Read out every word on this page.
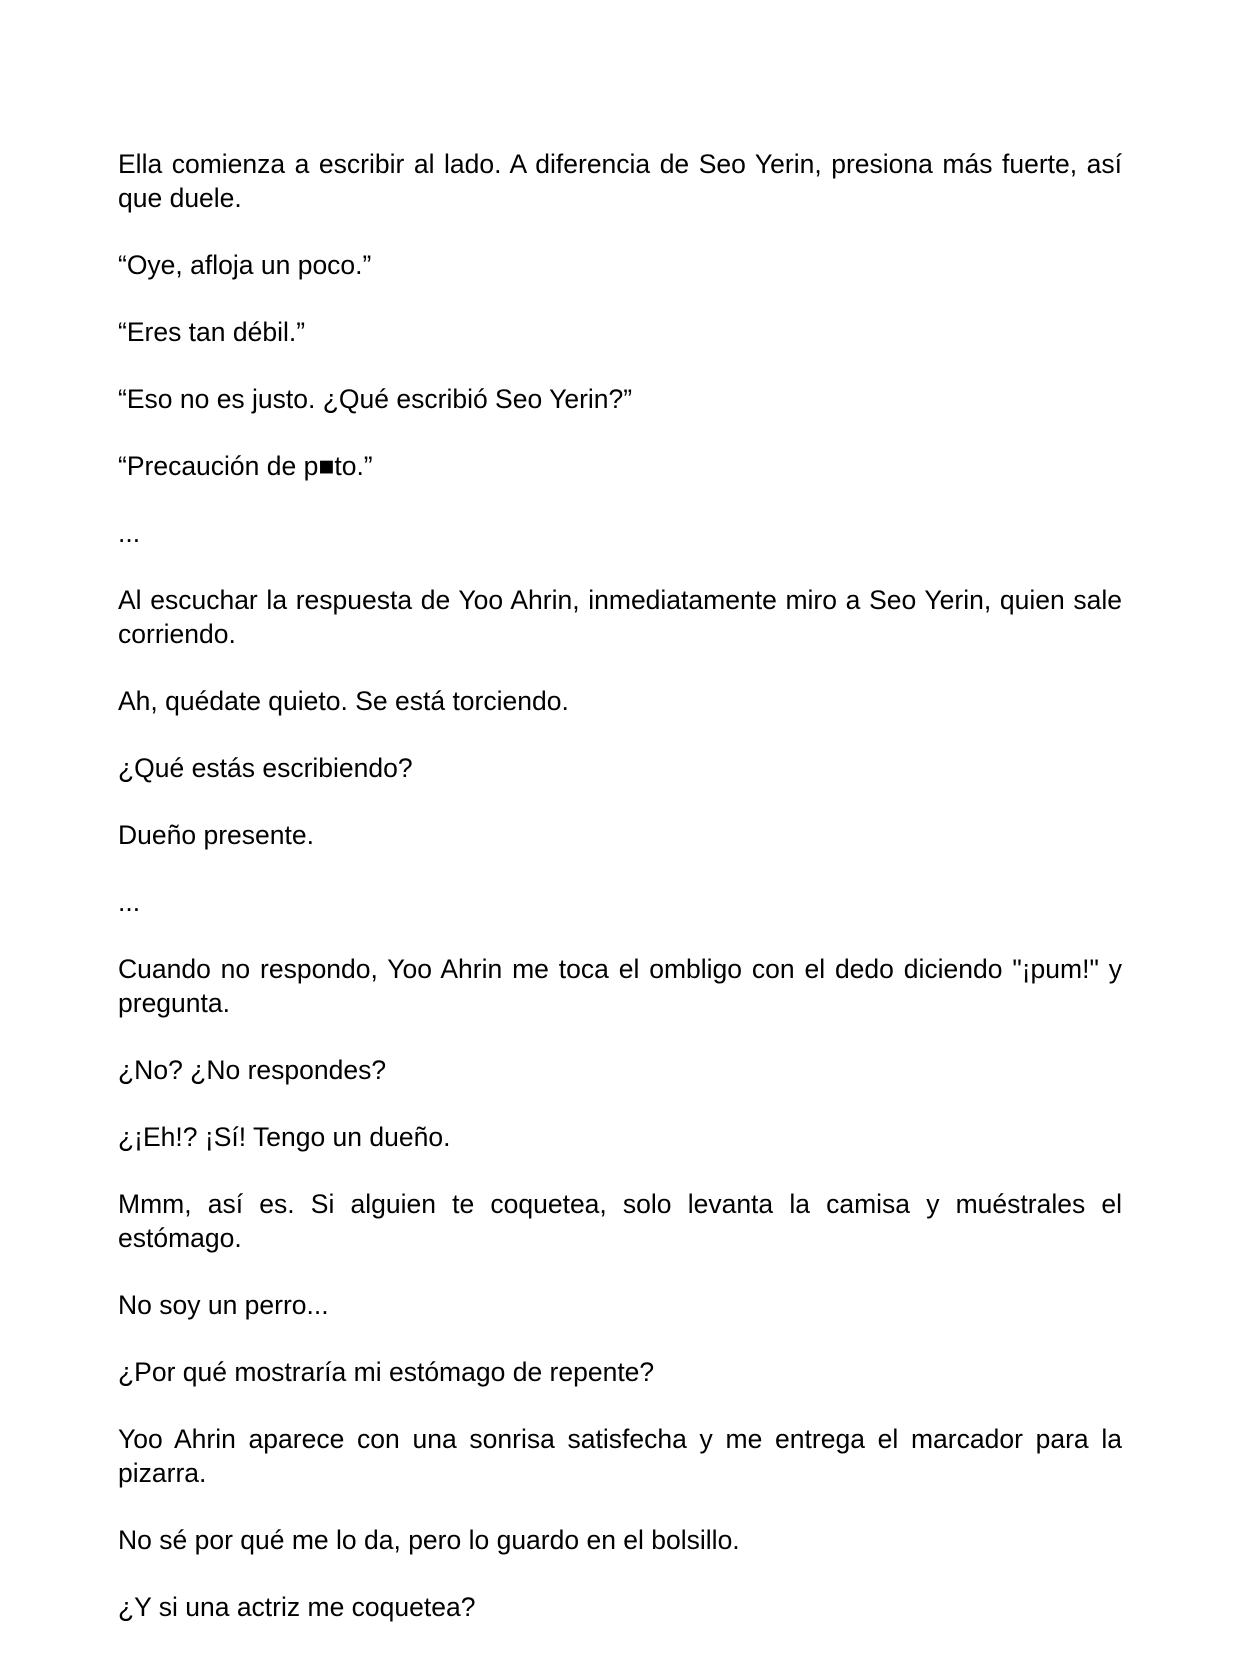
Ella comienza a escribir al lado. A diferencia de Seo Yerin, presiona más fuerte, así que duele.

“Oye, afloja un poco.”

“Eres tan débil.”

“Eso no es justo. ¿Qué escribió Seo Yerin?”

“Precaución de p■to.”

...

Al escuchar la respuesta de Yoo Ahrin, inmediatamente miro a Seo Yerin, quien sale corriendo.

Ah, quédate quieto. Se está torciendo.

¿Qué estás escribiendo?

Dueño presente.

...

Cuando no respondo, Yoo Ahrin me toca el ombligo con el dedo diciendo "¡pum!" y pregunta.

¿No? ¿No respondes?

¿¡Eh!? ¡Sí! Tengo un dueño.

Mmm, así es. Si alguien te coquetea, solo levanta la camisa y muéstrales el estómago.

No soy un perro...

¿Por qué mostraría mi estómago de repente?

Yoo Ahrin aparece con una sonrisa satisfecha y me entrega el marcador para la pizarra.

No sé por qué me lo da, pero lo guardo en el bolsillo.

¿Y si una actriz me coquetea?
